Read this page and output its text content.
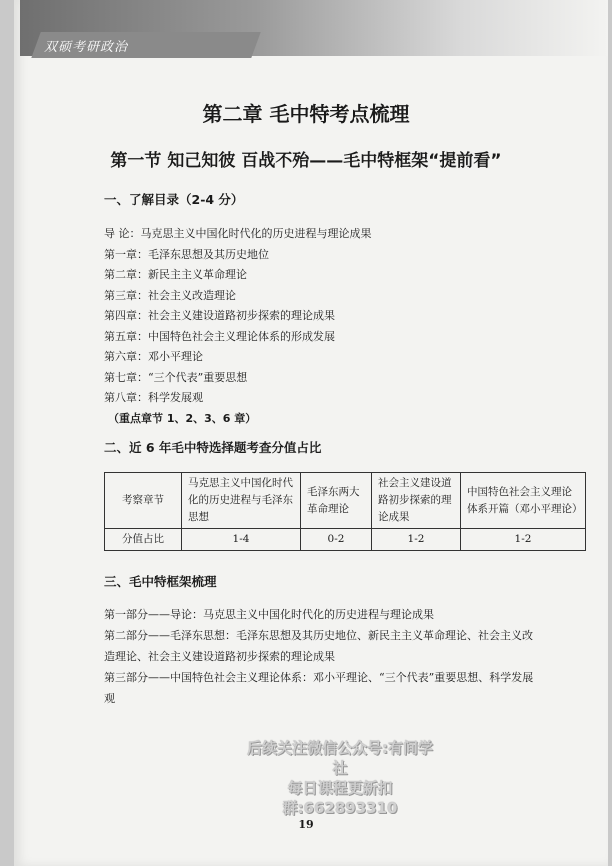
双硕考研政治
第二章 毛中特考点梳理
第一节 知己知彼 百战不殆——毛中特框架“提前看”
一、了解目录（2-4 分）
导 论：马克思主义中国化时代化的历史进程与理论成果
第一章：毛泽东思想及其历史地位
第二章：新民主主义革命理论
第三章：社会主义改造理论
第四章：社会主义建设道路初步探索的理论成果
第五章：中国特色社会主义理论体系的形成发展
第六章：邓小平理论
第七章：“三个代表”重要思想
第八章：科学发展观
（重点章节 1、2、3、6 章）
二、近 6 年毛中特选择题考查分值占比
考察章节	马克思主义中国化时代化的历史进程与毛泽东思想	毛泽东两大革命理论	社会主义建设道路初步探索的理论成果	中国特色社会主义理论体系开篇（邓小平理论）
分值占比	1-4	0-2	1-2	1-2
三、毛中特框架梳理
第一部分——导论：马克思主义中国化时代化的历史进程与理论成果
第二部分——毛泽东思想：毛泽东思想及其历史地位、新民主主义革命理论、社会主义改造理论、社会主义建设道路初步探索的理论成果
第三部分——中国特色社会主义理论体系：邓小平理论、“三个代表”重要思想、科学发展观
后续关注微信公众号:有间学社
每日课程更新扣群:662893310
19
